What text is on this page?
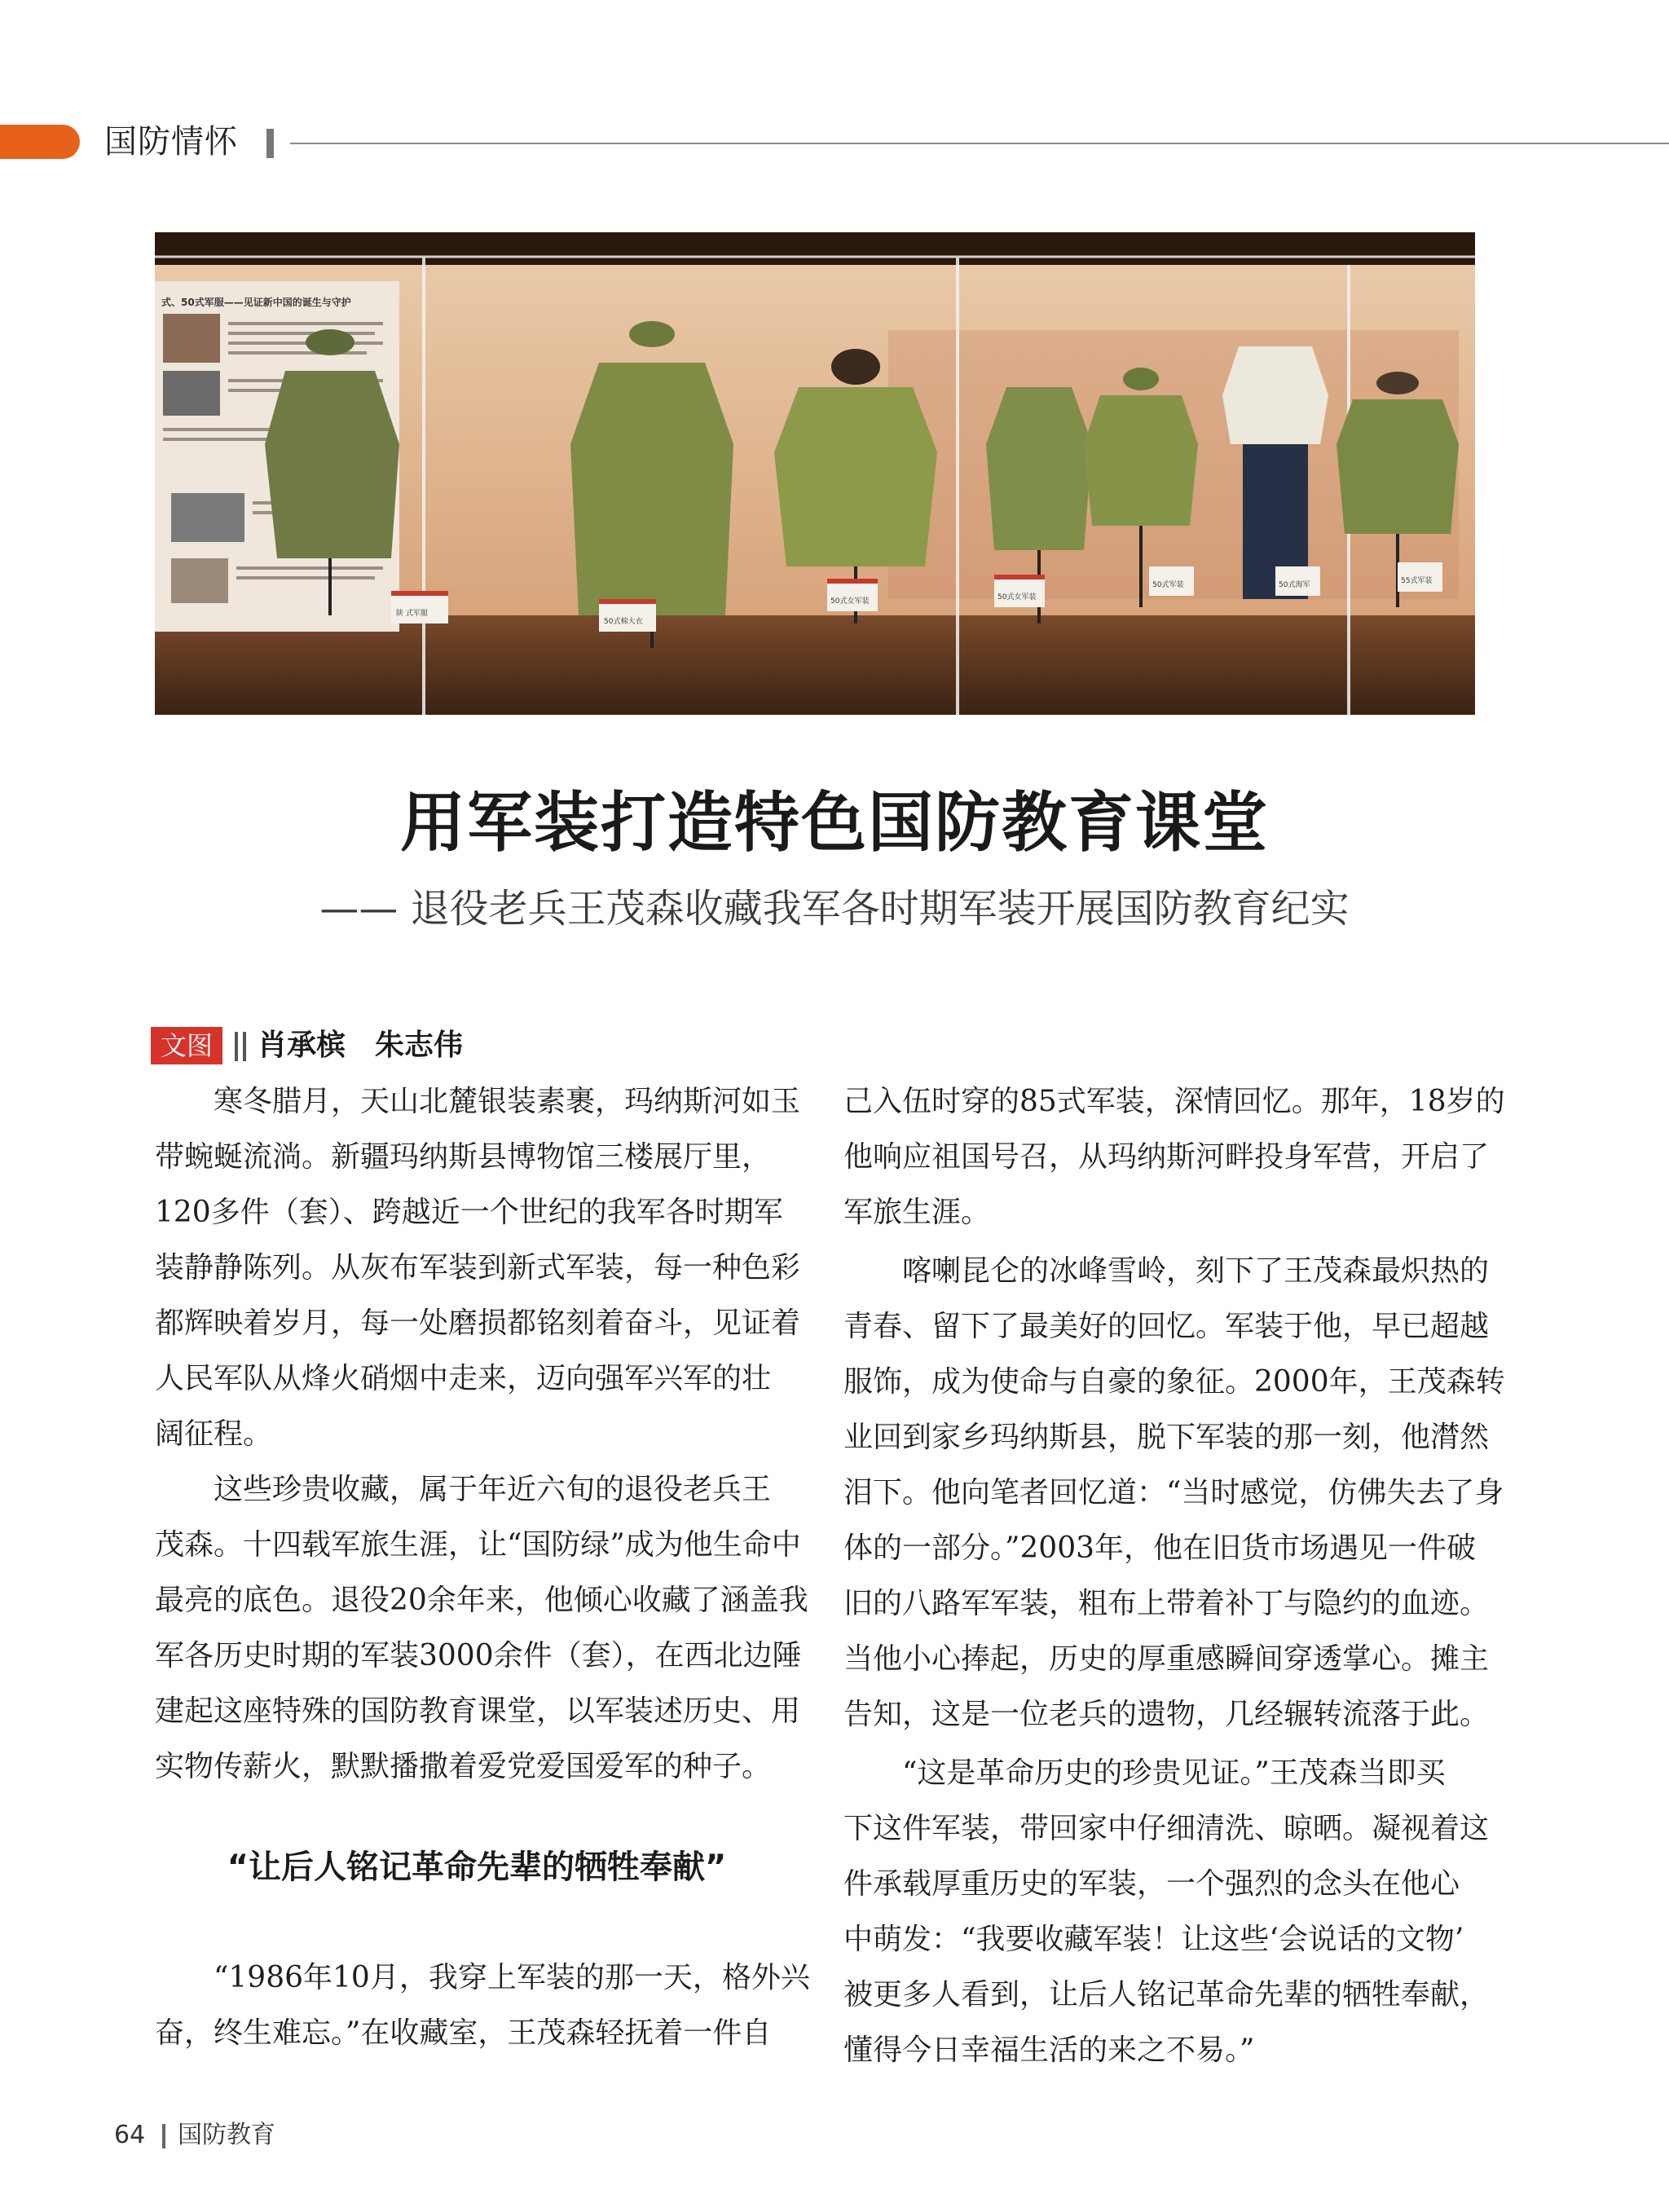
国防情怀
式、50式军服——见证新中国的诞生与守护
陕 式军服
50式棉大衣
50式女军装	50式女军装
50式军装	50式海军	55式军装
用军装打造特色国防教育课堂
—— 退役老兵王茂森收藏我军各时期军装开展国防教育纪实
文图	肖承槟　朱志伟
　　寒冬腊月，天山北麓银装素裹，玛纳斯河如玉
带蜿蜒流淌。新疆玛纳斯县博物馆三楼展厅里，
120多件（套）、跨越近一个世纪的我军各时期军
装静静陈列。从灰布军装到新式军装，每一种色彩
都辉映着岁月，每一处磨损都铭刻着奋斗，见证着
人民军队从烽火硝烟中走来，迈向强军兴军的壮
阔征程。
　　这些珍贵收藏，属于年近六旬的退役老兵王
茂森。十四载军旅生涯，让“国防绿”成为他生命中
最亮的底色。退役20余年来，他倾心收藏了涵盖我
军各历史时期的军装3000余件（套），在西北边陲
建起这座特殊的国防教育课堂，以军装述历史、用
实物传薪火，默默播撒着爱党爱国爱军的种子。
“让后人铭记革命先辈的牺牲奉献”
　　“1986年10月，我穿上军装的那一天，格外兴
奋，终生难忘。”在收藏室，王茂森轻抚着一件自
己入伍时穿的85式军装，深情回忆。那年，18岁的
他响应祖国号召，从玛纳斯河畔投身军营，开启了
军旅生涯。
　　喀喇昆仑的冰峰雪岭，刻下了王茂森最炽热的
青春、留下了最美好的回忆。军装于他，早已超越
服饰，成为使命与自豪的象征。2000年，王茂森转
业回到家乡玛纳斯县，脱下军装的那一刻，他潸然
泪下。他向笔者回忆道：“当时感觉，仿佛失去了身
体的一部分。”2003年，他在旧货市场遇见一件破
旧的八路军军装，粗布上带着补丁与隐约的血迹。
当他小心捧起，历史的厚重感瞬间穿透掌心。摊主
告知，这是一位老兵的遗物，几经辗转流落于此。
　　“这是革命历史的珍贵见证。”王茂森当即买
下这件军装，带回家中仔细清洗、晾晒。凝视着这
件承载厚重历史的军装，一个强烈的念头在他心
中萌发：“我要收藏军装！让这些‘会说话的文物’
被更多人看到，让后人铭记革命先辈的牺牲奉献，
懂得今日幸福生活的来之不易。”
64 国防教育
